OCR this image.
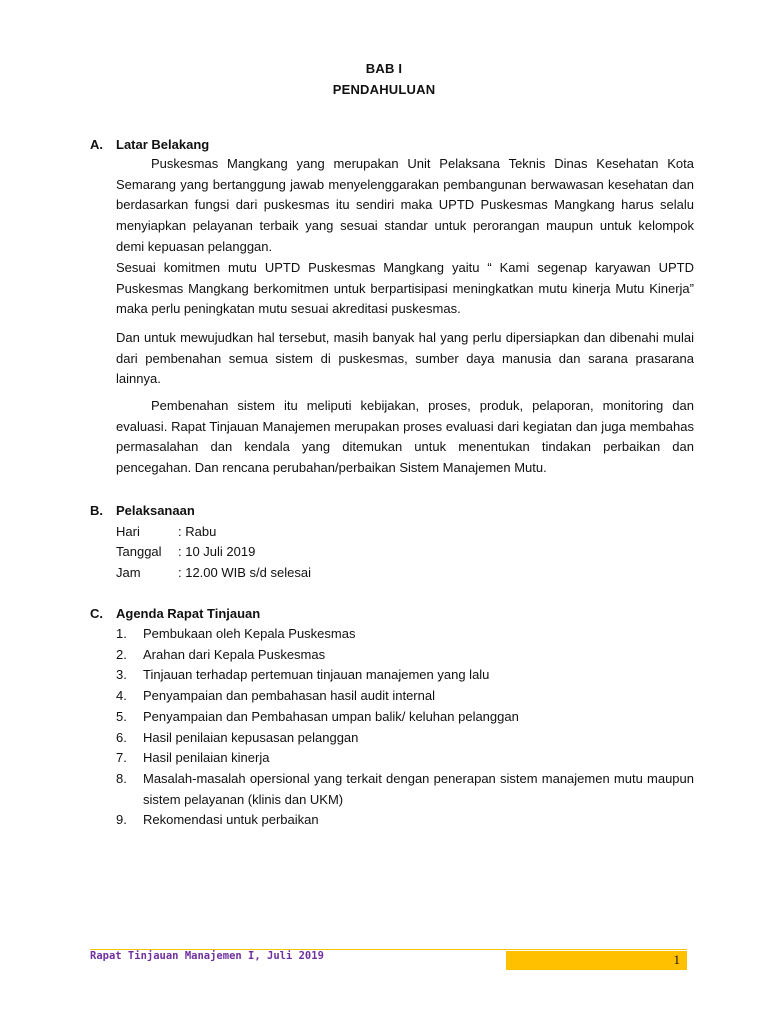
BAB I
PENDAHULUAN
A. Latar Belakang

Puskesmas Mangkang yang merupakan Unit Pelaksana Teknis Dinas Kesehatan Kota Semarang yang bertanggung jawab menyelenggarakan pembangunan berwawasan kesehatan dan berdasarkan fungsi dari puskesmas itu sendiri maka UPTD Puskesmas Mangkang harus selalu menyiapkan pelayanan terbaik yang sesuai standar untuk perorangan maupun untuk kelompok demi kepuasan pelanggan.

Sesuai komitmen mutu UPTD Puskesmas Mangkang yaitu “ Kami segenap karyawan UPTD Puskesmas Mangkang berkomitmen untuk berpartisipasi meningkatkan mutu kinerja Mutu Kinerja” maka perlu peningkatan mutu sesuai akreditasi puskesmas.

Dan untuk mewujudkan hal tersebut, masih banyak hal yang perlu dipersiapkan dan dibenahi mulai dari pembenahan semua sistem di puskesmas, sumber daya manusia dan sarana prasarana lainnya.

Pembenahan sistem itu meliputi kebijakan, proses, produk, pelaporan, monitoring dan evaluasi. Rapat Tinjauan Manajemen merupakan proses evaluasi dari kegiatan dan juga membahas permasalahan dan kendala yang ditemukan untuk menentukan tindakan perbaikan dan pencegahan. Dan rencana perubahan/perbaikan Sistem Manajemen Mutu.

B. Pelaksanaan
Hari	: Rabu
Tanggal : 10 Juli 2019
Jam	: 12.00 WIB s/d selesai
C. Agenda Rapat Tinjauan
1. Pembukaan oleh Kepala Puskesmas
2. Arahan dari Kepala Puskesmas
3. Tinjauan terhadap pertemuan tinjauan manajemen yang lalu
4. Penyampaian dan pembahasan hasil audit internal
5. Penyampaian dan Pembahasan umpan balik/ keluhan pelanggan
6. Hasil penilaian kepusasan pelanggan
7. Hasil penilaian kinerja
8. Masalah-masalah opersional yang terkait dengan penerapan sistem manajemen mutu maupun sistem pelayanan (klinis dan UKM)
9. Rekomendasi untuk perbaikan
Rapat Tinjauan Manajemen I, Juli 2019	1
